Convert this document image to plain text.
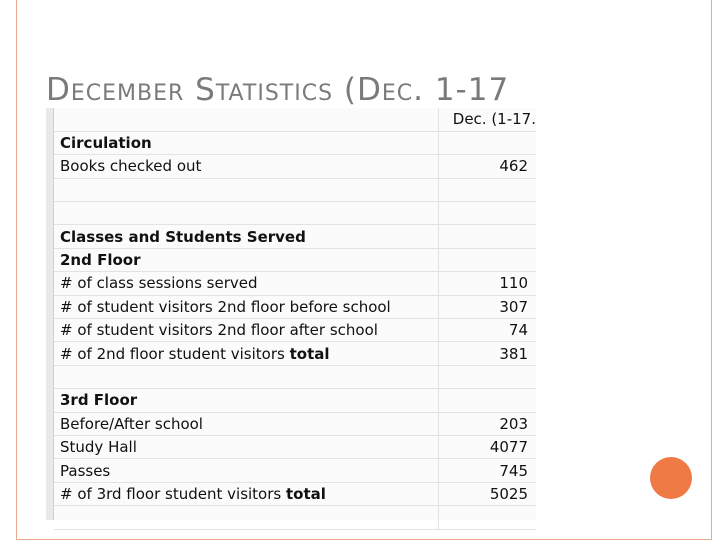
December Statistics (Dec. 1-17
	Dec. (1-17.
Circulation	
Books checked out	462

Classes and Students Served	
2nd Floor	
# of class sessions served	110
# of student visitors 2nd floor before school	307
# of student visitors 2nd floor after school	74
# of 2nd floor student visitors total	381

3rd Floor	
Before/After school	203
Study Hall	4077
Passes	745
# of 3rd floor student visitors total	5025
